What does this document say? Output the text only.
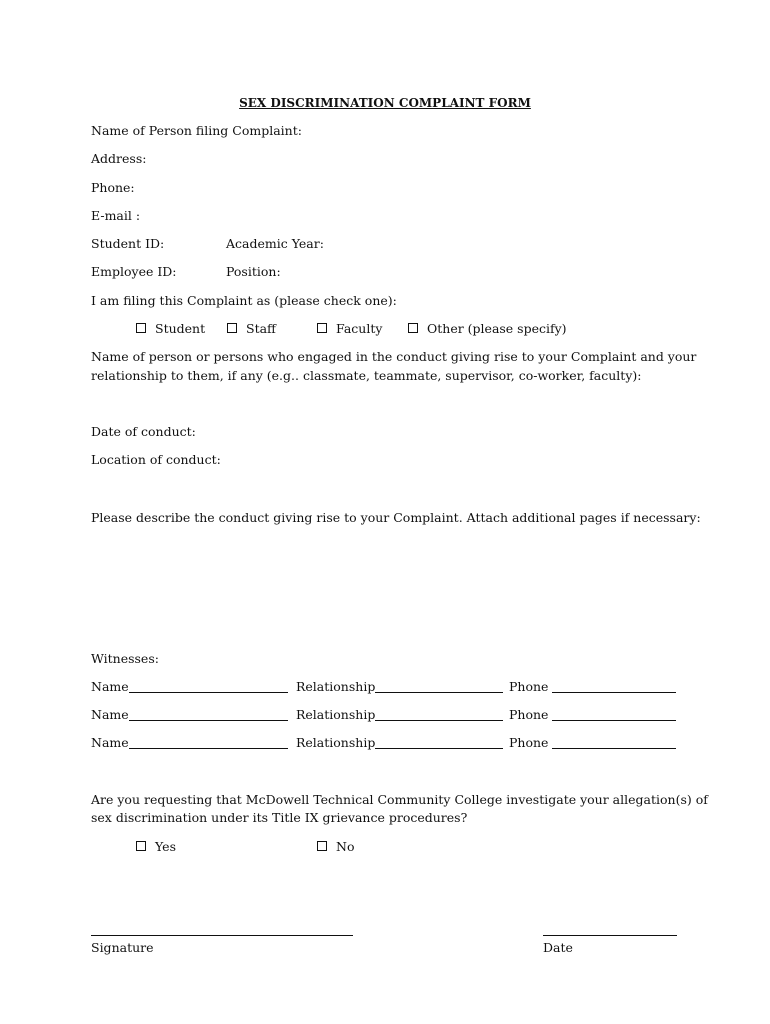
SEX DISCRIMINATION COMPLAINT FORM
Name of Person filing Complaint:
Address:
Phone:
E-mail :
Student ID:	Academic Year:
Employee ID:	Position:
I am filing this Complaint as (please check one):
Student	Staff	Faculty	Other (please specify)
Name of person or persons who engaged in the conduct giving rise to your Complaint and your
relationship to them, if any (e.g.. classmate, teammate, supervisor, co-worker, faculty):
Date of conduct:
Location of conduct:
Please describe the conduct giving rise to your Complaint. Attach additional pages if necessary:
Witnesses:
Name	Relationship	Phone
Name	Relationship	Phone
Name	Relationship	Phone
Are you requesting that McDowell Technical Community College investigate your allegation(s) of
sex discrimination under its Title IX grievance procedures?
Yes	No
Signature	Date
